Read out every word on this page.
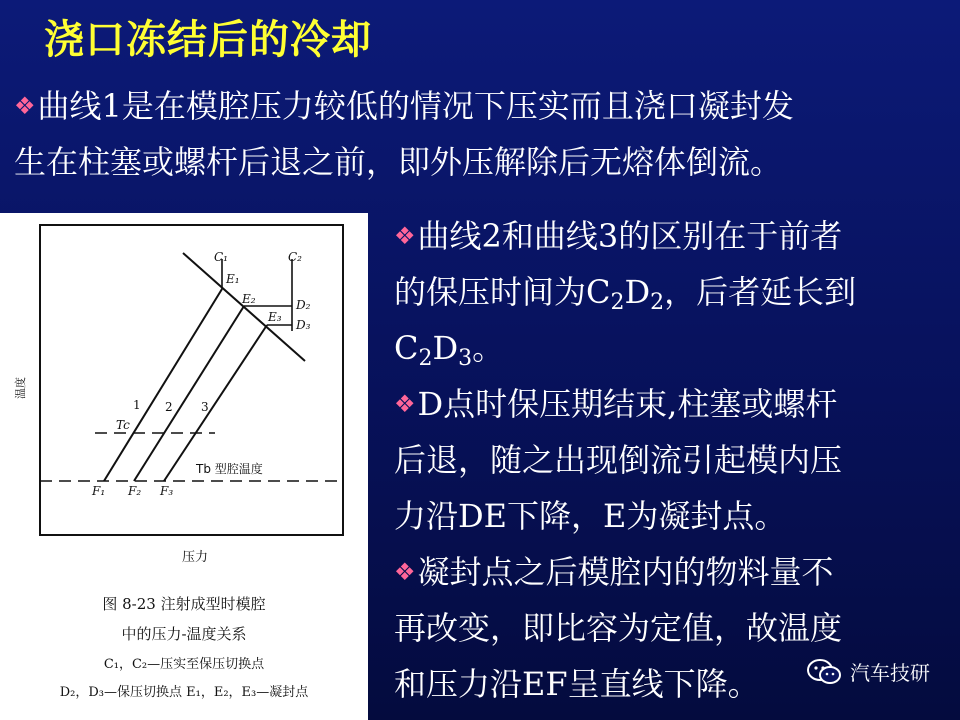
浇口冻结后的冷却
❖曲线1是在模腔压力较低的情况下压实而且浇口凝封发
生在柱塞或螺杆后退之前，即外压解除后无熔体倒流。
温度
压力
C₁	C₂
E₁
E₂
E₃
D₂
D₃
F₁ F₂ F₃
Tc
1 2 3
Tb 型腔温度
图 8-23 注射成型时模腔
中的压力-温度关系
C₁，C₂—压实至保压切换点
D₂，D₃—保压切换点 E₁，E₂，E₃—凝封点
❖曲线2和曲线3的区别在于前者
的保压时间为$C_2D_2$，后者延长到
$C_2D_3$。
❖D点时保压期结束,柱塞或螺杆
后退，随之出现倒流引起模内压
力沿DE下降，E为凝封点。
❖凝封点之后模腔内的物料量不
再改变，即比容为定值，故温度
和压力沿EF呈直线下降。	汽车技研
